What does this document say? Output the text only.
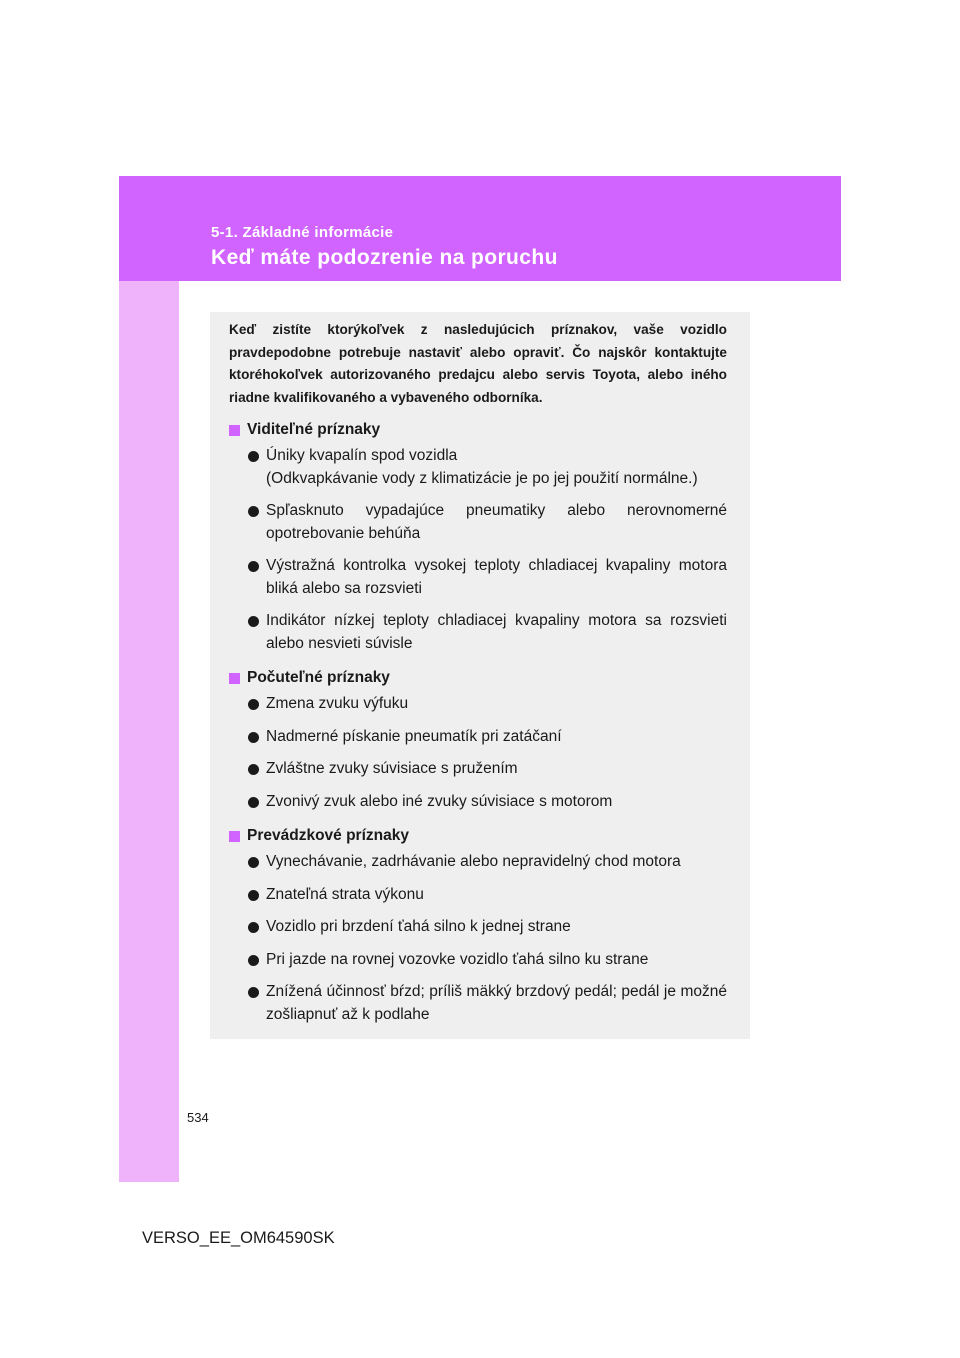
5-1. Základné informácie

Keď máte podozrenie na poruchu

Keď zistíte ktorýkoľvek z nasledujúcich príznakov, vaše vozidlo pravdepodobne potrebuje nastaviť alebo opraviť. Čo najskôr kontaktujte ktoréhokoľvek autorizovaného predajcu alebo servis Toyota, alebo iného riadne kvalifikovaného a vybaveného odborníka.

Viditeľné príznaky
Úniky kvapalín spod vozidla
(Odkvapkávanie vody z klimatizácie je po jej použití normálne.)
Spľasknuto vypadajúce pneumatiky alebo nerovnomerné opotrebovanie behúňa
Výstražná kontrolka vysokej teploty chladiacej kvapaliny motora bliká alebo sa rozsvieti
Indikátor nízkej teploty chladiacej kvapaliny motora sa rozsvieti alebo nesvieti súvisle
Počuteľné príznaky
Zmena zvuku výfuku
Nadmerné pískanie pneumatík pri zatáčaní
Zvláštne zvuky súvisiace s pružením
Zvonivý zvuk alebo iné zvuky súvisiace s motorom
Prevádzkové príznaky
Vynechávanie, zadrhávanie alebo nepravidelný chod motora
Znateľná strata výkonu
Vozidlo pri brzdení ťahá silno k jednej strane
Pri jazde na rovnej vozovke vozidlo ťahá silno ku strane
Znížená účinnosť bŕzd; príliš mäkký brzdový pedál; pedál je možné zošliapnuť až k podlahe

534

VERSO_EE_OM64590SK
